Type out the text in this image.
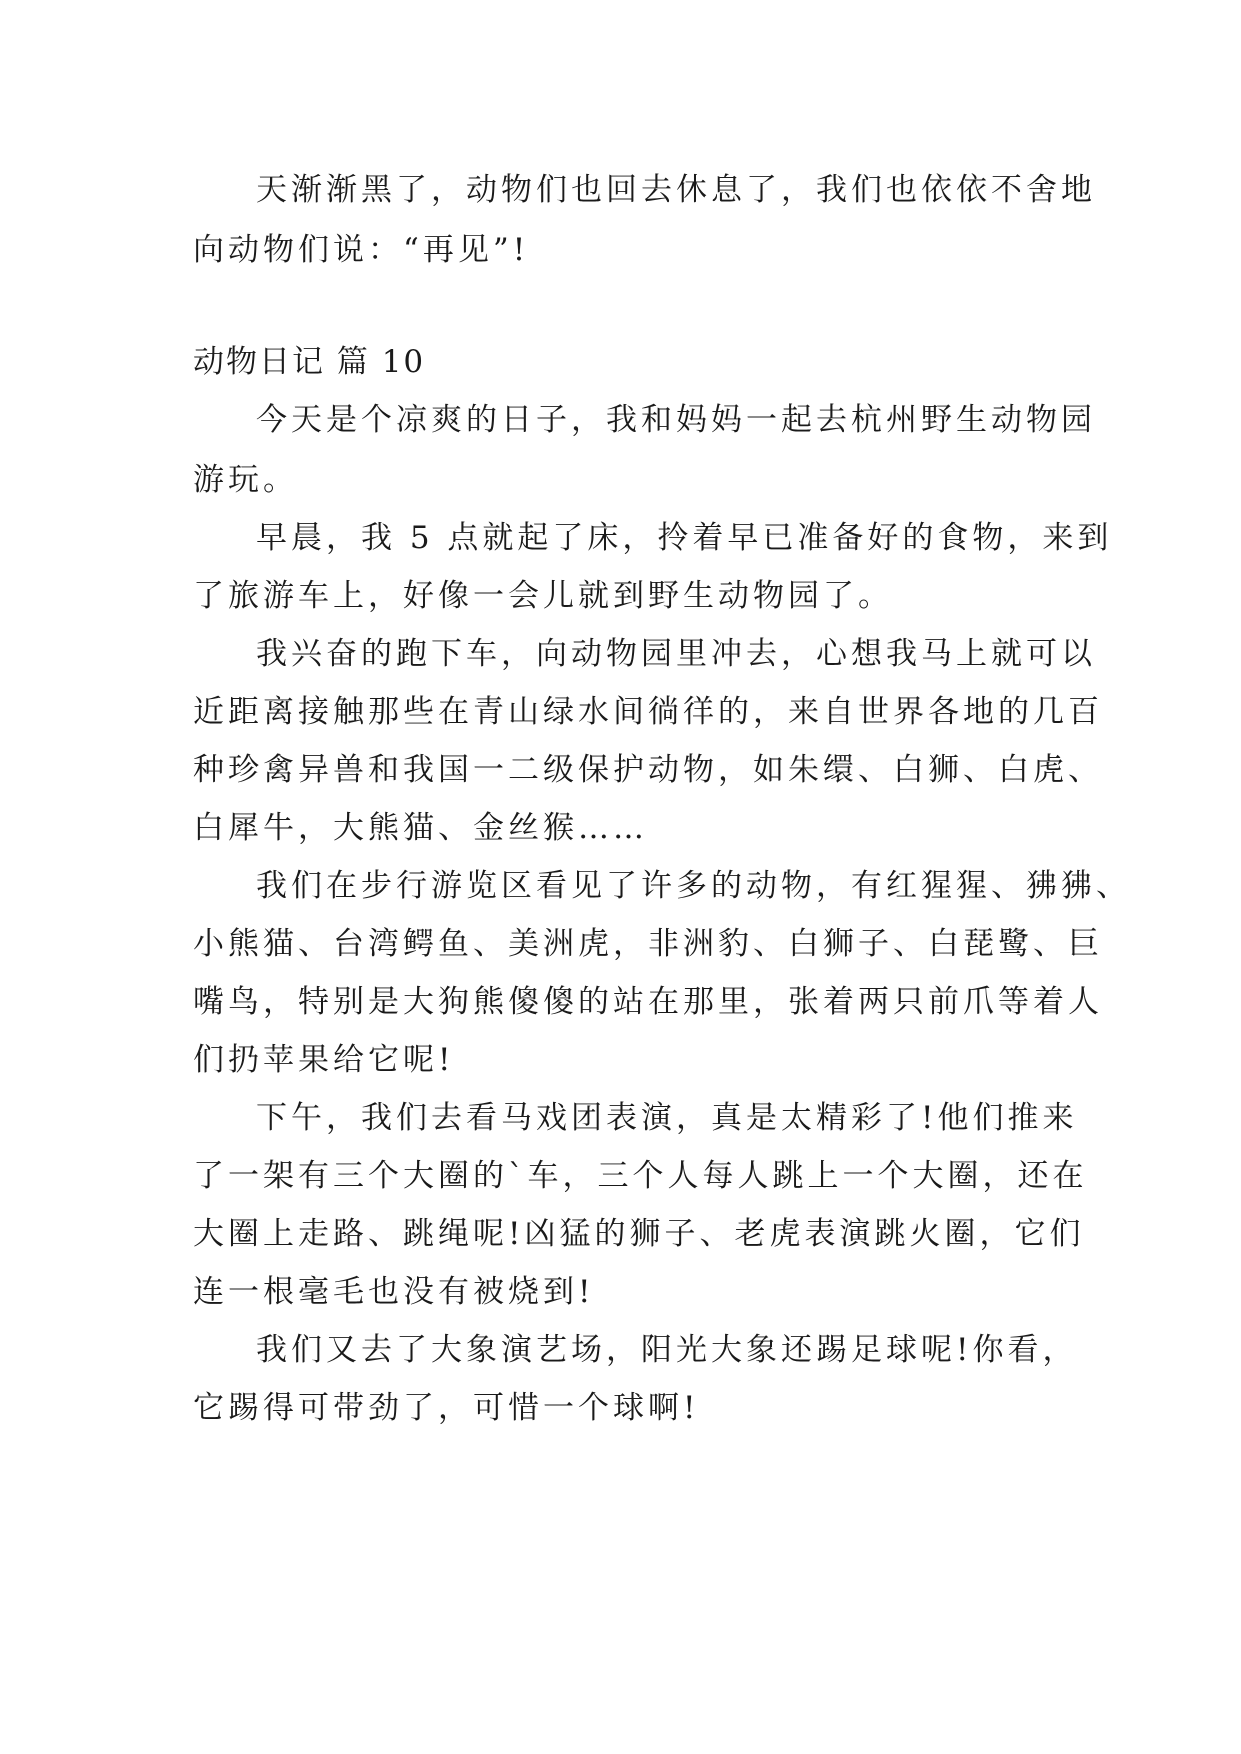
天渐渐黑了，动物们也回去休息了，我们也依依不舍地
向动物们说：“再见”!
动物日记 篇 10
今天是个凉爽的日子，我和妈妈一起去杭州野生动物园
游玩。
早晨，我 5 点就起了床，拎着早已准备好的食物，来到
了旅游车上，好像一会儿就到野生动物园了。
我兴奋的跑下车，向动物园里冲去，心想我马上就可以
近距离接触那些在青山绿水间徜徉的，来自世界各地的几百
种珍禽异兽和我国一二级保护动物，如朱缳、白狮、白虎、
白犀牛，大熊猫、金丝猴……
我们在步行游览区看见了许多的动物，有红猩猩、狒狒、
小熊猫、台湾鳄鱼、美洲虎，非洲豹、白狮子、白琵鹭、巨
嘴鸟，特别是大狗熊傻傻的站在那里，张着两只前爪等着人
们扔苹果给它呢!
下午，我们去看马戏团表演，真是太精彩了!他们推来
了一架有三个大圈的`车，三个人每人跳上一个大圈，还在
大圈上走路、跳绳呢!凶猛的狮子、老虎表演跳火圈，它们
连一根毫毛也没有被烧到!
我们又去了大象演艺场，阳光大象还踢足球呢!你看，
它踢得可带劲了，可惜一个球啊!
